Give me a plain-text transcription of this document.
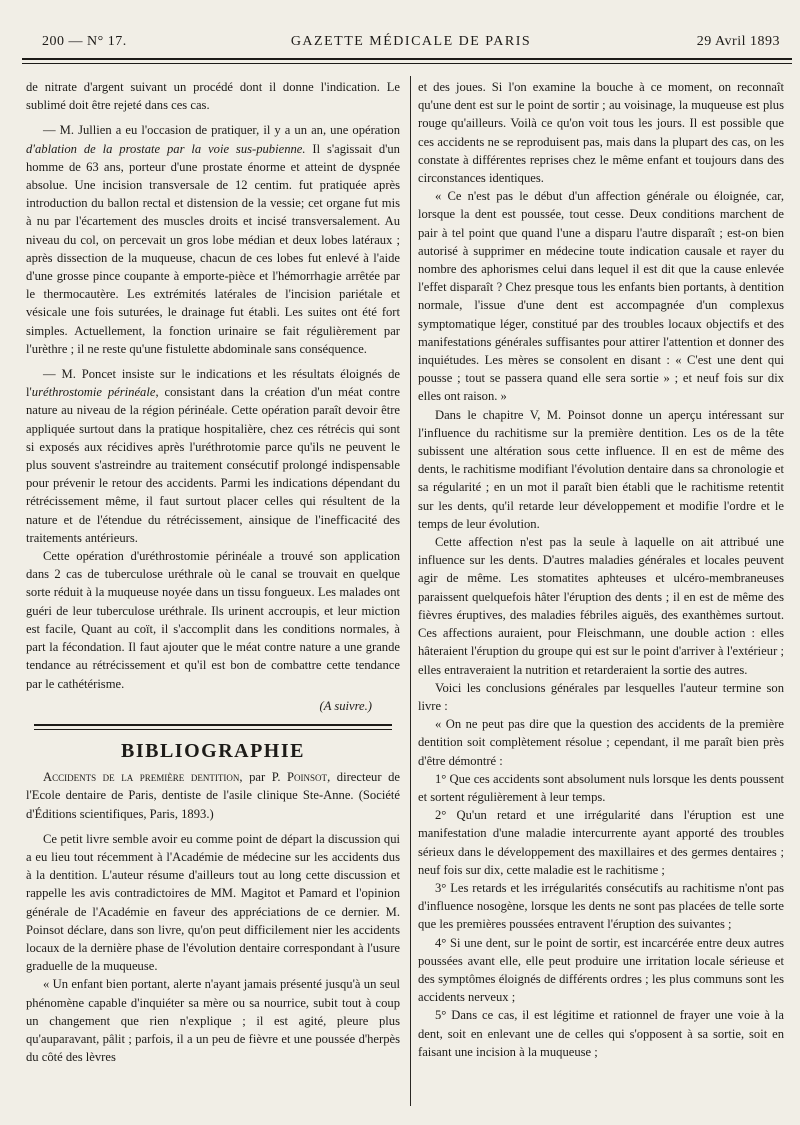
200 — N° 17.	GAZETTE MÉDICALE DE PARIS	29 Avril 1893

de nitrate d'argent suivant un procédé dont il donne l'indication. Le sublimé doit être rejeté dans ces cas.

— M. Jullien a eu l'occasion de pratiquer, il y a un an, une opération d'ablation de la prostate par la voie sus-pubienne. Il s'agissait d'un homme de 63 ans, porteur d'une prostate énorme et atteint de dyspnée absolue. Une incision transversale de 12 centim. fut pratiquée après introduction du ballon rectal et distension de la vessie; cet organe fut mis à nu par l'écartement des muscles droits et incisé transversalement. Au niveau du col, on percevait un gros lobe médian et deux lobes latéraux ; après dissection de la muqueuse, chacun de ces lobes fut enlevé à l'aide d'une grosse pince coupante à emporte-pièce et l'hémorrhagie arrêtée par le thermocautère. Les extrémités latérales de l'incision pariétale et vésicale une fois suturées, le drainage fut établi. Les suites ont été fort simples. Actuellement, la fonction urinaire se fait régulièrement par l'urèthre ; il ne reste qu'une fistulette abdominale sans conséquence.

— M. Poncet insiste sur le indications et les résultats éloignés de l'uréthrostomie périnéale, consistant dans la création d'un méat contre nature au niveau de la région périnéale. Cette opération paraît devoir être appliquée surtout dans la pratique hospitalière, chez ces rétrécis qui sont si exposés aux récidives après l'uréthrotomie parce qu'ils ne peuvent le plus souvent s'astreindre au traitement consécutif prolongé indispensable pour prévenir le retour des accidents. Parmi les indications dépendant du rétrécissement même, il faut surtout placer celles qui résultent de la nature et de l'étendue du rétrécissement, ainsique de l'inefficacité des traitements antérieurs.

Cette opération d'uréthrostomie périnéale a trouvé son application dans 2 cas de tuberculose uréthrale où le canal se trouvait en quelque sorte réduit à la muqueuse noyée dans un tissu fongueux. Les malades ont guéri de leur tuberculose uréthrale. Ils urinent accroupis, et leur miction est facile, Quant au coït, il s'accomplit dans les conditions normales, à part la fécondation. Il faut ajouter que le méat contre nature a une grande tendance au rétrécissement et qu'il est bon de combattre cette tendance par le cathétérisme.

(A suivre.)

BIBLIOGRAPHIE

Accidents de la première dentition, par P. Poinsot, directeur de l'Ecole dentaire de Paris, dentiste de l'asile clinique Ste-Anne. (Société d'Éditions scientifiques, Paris, 1893.)

Ce petit livre semble avoir eu comme point de départ la discussion qui a eu lieu tout récemment à l'Académie de médecine sur les accidents dus à la dentition. L'auteur résume d'ailleurs tout au long cette discussion et rappelle les avis contradictoires de MM. Magitot et Pamard et l'opinion générale de l'Académie en faveur des appréciations de ce dernier. M. Poinsot déclare, dans son livre, qu'on peut difficilement nier les accidents locaux de la dernière phase de l'évolution dentaire correspondant à l'usure graduelle de la muqueuse.

« Un enfant bien portant, alerte n'ayant jamais présenté jusqu'à un seul phénomène capable d'inquiéter sa mère ou sa nourrice, subit tout à coup un changement que rien n'explique ; il est agité, pleure plus qu'auparavant, pâlit ; parfois, il a un peu de fièvre et une poussée d'herpès du côté des lèvres

et des joues. Si l'on examine la bouche à ce moment, on reconnaît qu'une dent est sur le point de sortir ; au voisinage, la muqueuse est plus rouge qu'ailleurs. Voilà ce qu'on voit tous les jours. Il est possible que ces accidents ne se reproduisent pas, mais dans la plupart des cas, on les constate à différentes reprises chez le même enfant et toujours dans des circonstances identiques.

« Ce n'est pas le début d'un affection générale ou éloignée, car, lorsque la dent est poussée, tout cesse. Deux conditions marchent de pair à tel point que quand l'une a disparu l'autre disparaît ; est-on bien autorisé à supprimer en médecine toute indication causale et rayer du nombre des aphorismes celui dans lequel il est dit que la cause enlevée l'effet disparaît ? Chez presque tous les enfants bien portants, à dentition normale, l'issue d'une dent est accompagnée d'un complexus symptomatique léger, constitué par des troubles locaux objectifs et des manifestations générales suffisantes pour attirer l'attention et donner des inquiétudes. Les mères se consolent en disant : « C'est une dent qui pousse ; tout se passera quand elle sera sortie » ; et neuf fois sur dix elles ont raison. »

Dans le chapitre V, M. Poinsot donne un aperçu intéressant sur l'influence du rachitisme sur la première dentition. Les os de la tête subissent une altération sous cette influence. Il en est de même des dents, le rachitisme modifiant l'évolution dentaire dans sa chronologie et sa régularité ; en un mot il paraît bien établi que le rachitisme retentit sur les dents, qu'il retarde leur développement et modifie l'ordre et le temps de leur évolution.

Cette affection n'est pas la seule à laquelle on ait attribué une influence sur les dents. D'autres maladies générales et locales peuvent agir de même. Les stomatites aphteuses et ulcéro-membraneuses paraissent quelquefois hâter l'éruption des dents ; il en est de même des fièvres éruptives, des maladies fébriles aiguës, des exanthèmes surtout. Ces affections auraient, pour Fleischmann, une double action : elles hâteraient l'éruption du groupe qui est sur le point d'arriver à l'extérieur ; elles entraveraient la nutrition et retarderaient la sortie des autres.

Voici les conclusions générales par lesquelles l'auteur termine son livre :

« On ne peut pas dire que la question des accidents de la première dentition soit complètement résolue ; cependant, il me paraît bien près d'être démontré :

1° Que ces accidents sont absolument nuls lorsque les dents poussent et sortent régulièrement à leur temps.

2° Qu'un retard et une irrégularité dans l'éruption est une manifestation d'une maladie intercurrente ayant apporté des troubles sérieux dans le développement des maxillaires et des germes dentaires ; neuf fois sur dix, cette maladie est le rachitisme ;

3° Les retards et les irrégularités consécutifs au rachitisme n'ont pas d'influence nosogène, lorsque les dents ne sont pas placées de telle sorte que les premières poussées entravent l'éruption des suivantes ;

4° Si une dent, sur le point de sortir, est incarcérée entre deux autres poussées avant elle, elle peut produire une irritation locale sérieuse et des symptômes éloignés de différents ordres ; les plus communs sont les accidents nerveux ;

5° Dans ce cas, il est légitime et rationnel de frayer une voie à la dent, soit en enlevant une de celles qui s'opposent à sa sortie, soit en faisant une incision à la muqueuse ;
